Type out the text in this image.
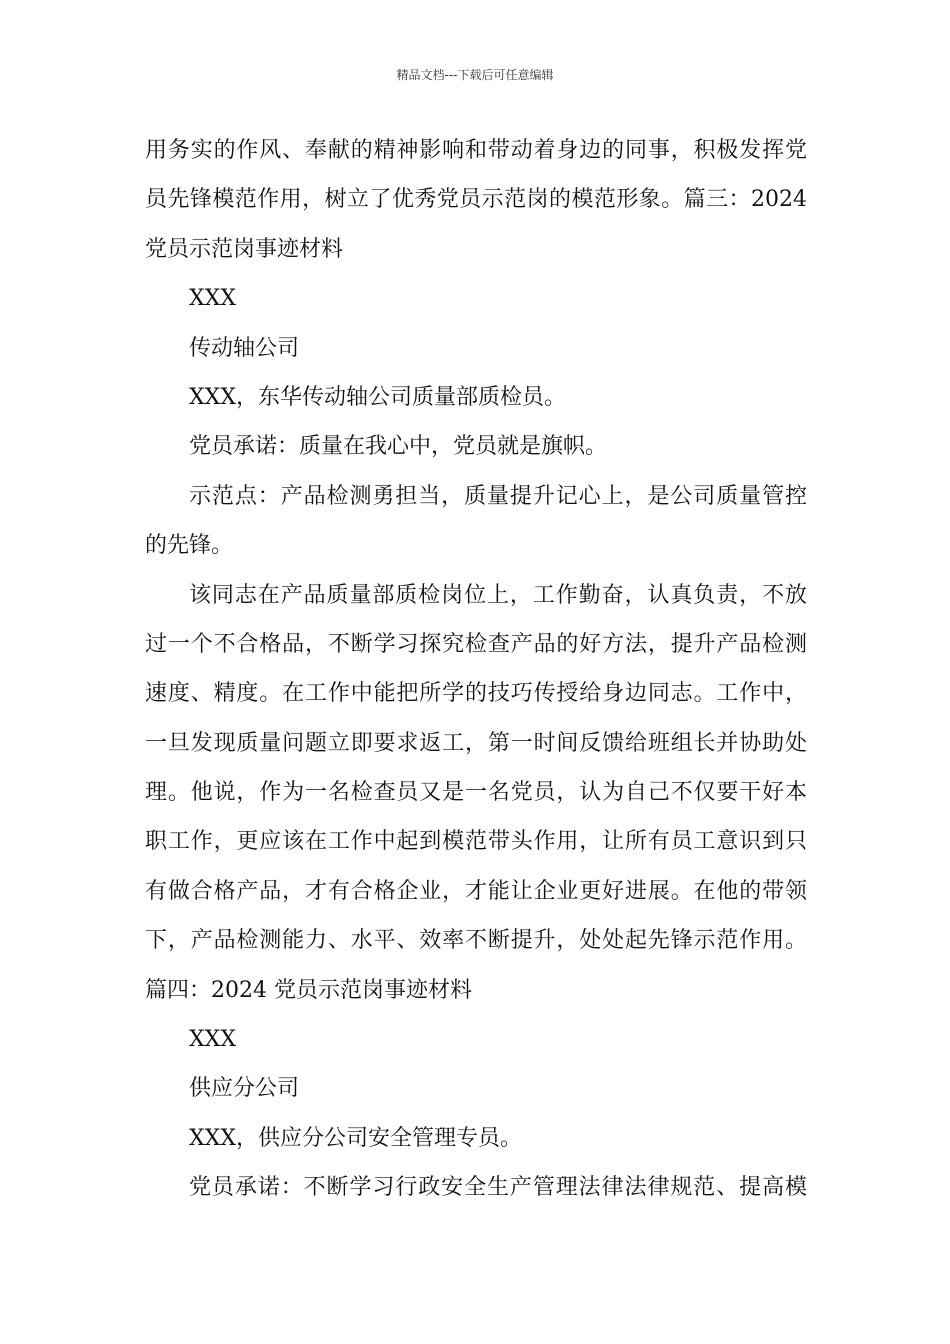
精品文档---下载后可任意编辑
用务实的作风、奉献的精神影响和带动着身边的同事，积极发挥党
员先锋模范作用，树立了优秀党员示范岗的模范形象。篇三：2024
党员示范岗事迹材料
XXX
传动轴公司
XXX，东华传动轴公司质量部质检员。
党员承诺：质量在我心中，党员就是旗帜。
示范点：产品检测勇担当，质量提升记心上，是公司质量管控
的先锋。
该同志在产品质量部质检岗位上，工作勤奋，认真负责，不放
过一个不合格品，不断学习探究检查产品的好方法，提升产品检测
速度、精度。在工作中能把所学的技巧传授给身边同志。工作中，
一旦发现质量问题立即要求返工，第一时间反馈给班组长并协助处
理。他说，作为一名检查员又是一名党员，认为自己不仅要干好本
职工作，更应该在工作中起到模范带头作用，让所有员工意识到只
有做合格产品，才有合格企业，才能让企业更好进展。在他的带领
下，产品检测能力、水平、效率不断提升，处处起先锋示范作用。
篇四：2024 党员示范岗事迹材料
XXX
供应分公司
XXX，供应分公司安全管理专员。
党员承诺：不断学习行政安全生产管理法律法律规范、提高模
